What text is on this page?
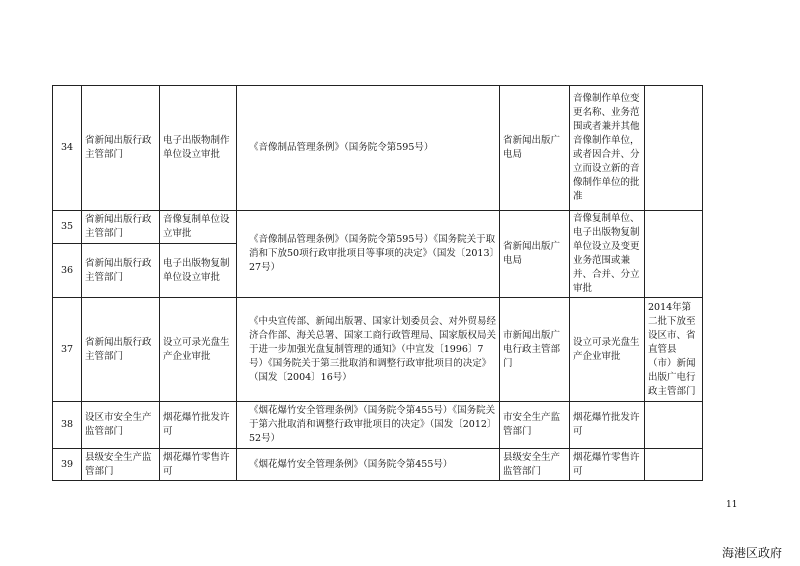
34	省新闻出版行政主管部门	电子出版物制作单位设立审批	《音像制品管理条例》（国务院令第595号）	省新闻出版广电局	音像制作单位变更名称、业务范围或者兼并其他音像制作单位，或者因合并、分立而设立新的音像制作单位的批准	
35	省新闻出版行政主管部门	音像复制单位设立审批	《音像制品管理条例》（国务院令第595号）《国务院关于取消和下放50项行政审批项目等事项的决定》（国发〔2013〕27号）	省新闻出版广电局	音像复制单位、电子出版物复制单位设立及变更业务范围或兼并、合并、分立审批	
36	省新闻出版行政主管部门	电子出版物复制单位设立审批				
37	省新闻出版行政主管部门	设立可录光盘生产企业审批	《中央宣传部、新闻出版署、国家计划委员会、对外贸易经济合作部、海关总署、国家工商行政管理局、国家版权局关于进一步加强光盘复制管理的通知》（中宣发〔1996〕7号）《国务院关于第三批取消和调整行政审批项目的决定》（国发〔2004〕16号）	市新闻出版广电行政主管部门	设立可录光盘生产企业审批	2014年第二批下放至设区市、省直管县（市）新闻出版广电行政主管部门
38	设区市安全生产监管部门	烟花爆竹批发许可	《烟花爆竹安全管理条例》（国务院令第455号）《国务院关于第六批取消和调整行政审批项目的决定》（国发〔2012〕52号）	市安全生产监管部门	烟花爆竹批发许可	
39	县级安全生产监管部门	烟花爆竹零售许可	《烟花爆竹安全管理条例》（国务院令第455号）	县级安全生产监管部门	烟花爆竹零售许可	
11
海港区政府
